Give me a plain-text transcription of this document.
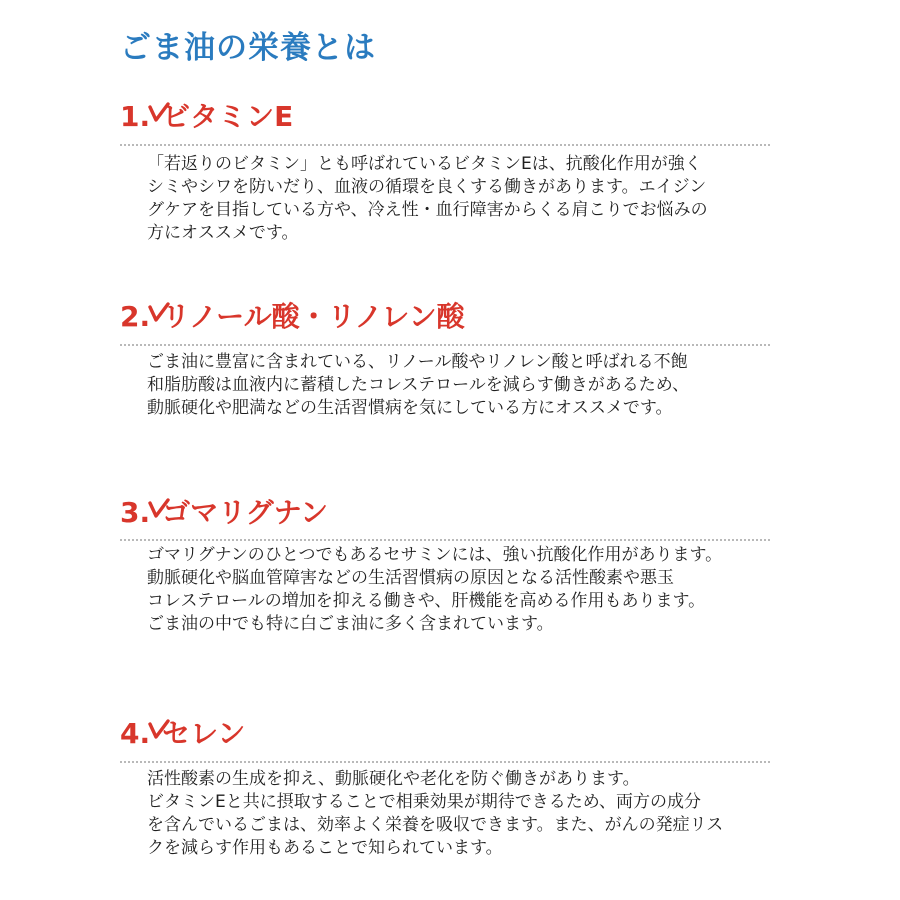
ごま油の栄養とは
1. ビタミンE

「若返りのビタミン」とも呼ばれているビタミンEは、抗酸化作用が強く
シミやシワを防いだり、血液の循環を良くする働きがあります。エイジン
グケアを目指している方や、冷え性・血行障害からくる肩こりでお悩みの
方にオススメです。

2. リノール酸・リノレン酸

ごま油に豊富に含まれている、リノール酸やリノレン酸と呼ばれる不飽
和脂肪酸は血液内に蓄積したコレステロールを減らす働きがあるため、
動脈硬化や肥満などの生活習慣病を気にしている方にオススメです。

3. ゴマリグナン

ゴマリグナンのひとつでもあるセサミンには、強い抗酸化作用があります。
動脈硬化や脳血管障害などの生活習慣病の原因となる活性酸素や悪玉
コレステロールの増加を抑える働きや、肝機能を高める作用もあります。
ごま油の中でも特に白ごま油に多く含まれています。

4. セレン

活性酸素の生成を抑え、動脈硬化や老化を防ぐ働きがあります。
ビタミンEと共に摂取することで相乗効果が期待できるため、両方の成分
を含んでいるごまは、効率よく栄養を吸収できます。また、がんの発症リス
クを減らす作用もあることで知られています。
